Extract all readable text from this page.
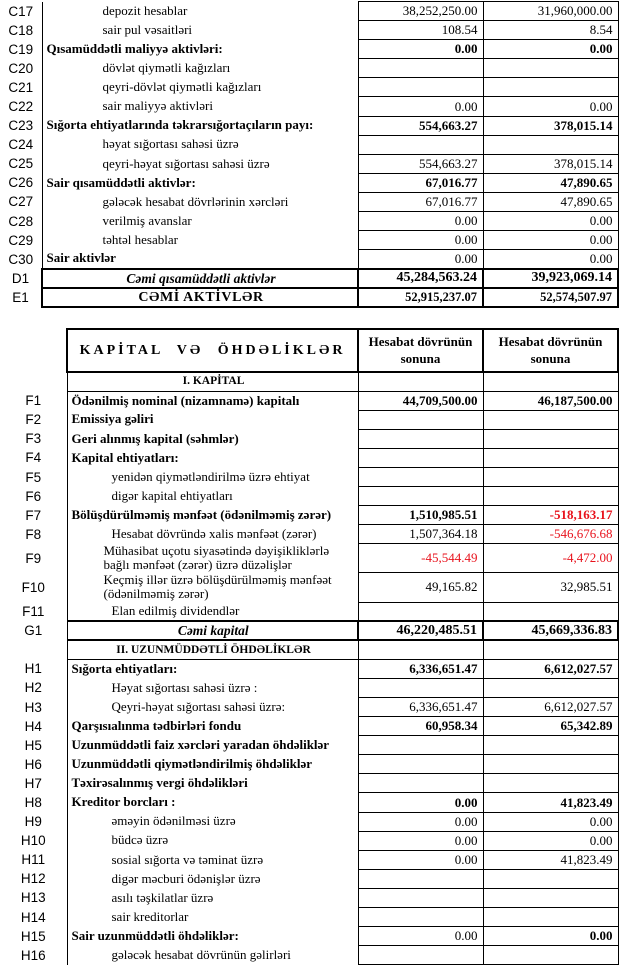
C17	depozit hesablar	38,252,250.00	31,960,000.00
C18	sair pul vəsaitləri	108.54	8.54
C19	Qısamüddətli maliyyə aktivləri:	0.00	0.00
C20	dövlət qiymətli kağızları		
C21	qeyri-dövlət qiymətli kağızları		
C22	sair maliyyə aktivləri	0.00	0.00
C23	Sığorta ehtiyatlarında təkrarsığortaçıların payı:	554,663.27	378,015.14
C24	həyat sığortası sahəsi üzrə		
C25	qeyri-həyat sığortası sahəsi üzrə	554,663.27	378,015.14
C26	Sair qısamüddətli aktivlər:	67,016.77	47,890.65
C27	gələcək hesabat dövrlərinin xərcləri	67,016.77	47,890.65
C28	verilmiş avanslar	0.00	0.00
C29	təhtəl hesablar	0.00	0.00
C30	Sair aktivlər	0.00	0.00
D1	Cəmi qısamüddətli aktivlər	45,284,563.24	39,923,069.14
E1	CƏMİ AKTİVLƏR	52,915,237.07	52,574,507.97
	KAPİTAL VƏ ÖHDƏLİKLƏR	Hesabat dövrünün sonuna	Hesabat dövrünün sonuna
	I. KAPİTAL		
F1	Ödənilmiş nominal (nizamnamə) kapitalı	44,709,500.00	46,187,500.00
F2	Emissiya gəliri		
F3	Geri alınmış kapital (səhmlər)		
F4	Kapital ehtiyatları:		
F5	yenidən qiymətləndirilmə üzrə ehtiyat		
F6	digər kapital ehtiyatları		
F7	Bölüşdürülməmiş mənfəət (ödənilməmiş zərər)	1,510,985.51	-518,163.17
F8	Hesabat dövründə xalis mənfəət (zərər)	1,507,364.18	-546,676.68
F9	Mühasibat uçotu siyasətində dəyişikliklərlə bağlı mənfəət (zərər) üzrə düzəlişlər	-45,544.49	-4,472.00
F10	Keçmiş illər üzrə bölüşdürülməmiş mənfəət (ödənilməmiş zərər)	49,165.82	32,985.51
F11	Elan edilmiş dividendlər		
G1	Cəmi kapital	46,220,485.51	45,669,336.83
	II. UZUNMÜDDƏTLİ ÖHDƏLİKLƏR		
H1	Sığorta ehtiyatları:	6,336,651.47	6,612,027.57
H2	Həyat sığortası sahəsi üzrə :		
H3	Qeyri-həyat sığortası sahəsi üzrə:	6,336,651.47	6,612,027.57
H4	Qarşısıalınma tədbirləri fondu	60,958.34	65,342.89
H5	Uzunmüddətli faiz xərcləri yaradan öhdəliklər		
H6	Uzunmüddətli qiymətləndirilmiş öhdəliklər		
H7	Təxirəsalınmış vergi öhdəlikləri		
H8	Kreditor borcları :	0.00	41,823.49
H9	əməyin ödənilməsi üzrə	0.00	0.00
H10	büdcə üzrə	0.00	0.00
H11	sosial sığorta və təminat üzrə	0.00	41,823.49
H12	digər məcburi ödənişlər üzrə		
H13	asılı təşkilatlar üzrə		
H14	sair kreditorlar		
H15	Sair uzunmüddətli öhdəliklər:	0.00	0.00
H16	gələcək hesabat dövrünün gəlirləri		
